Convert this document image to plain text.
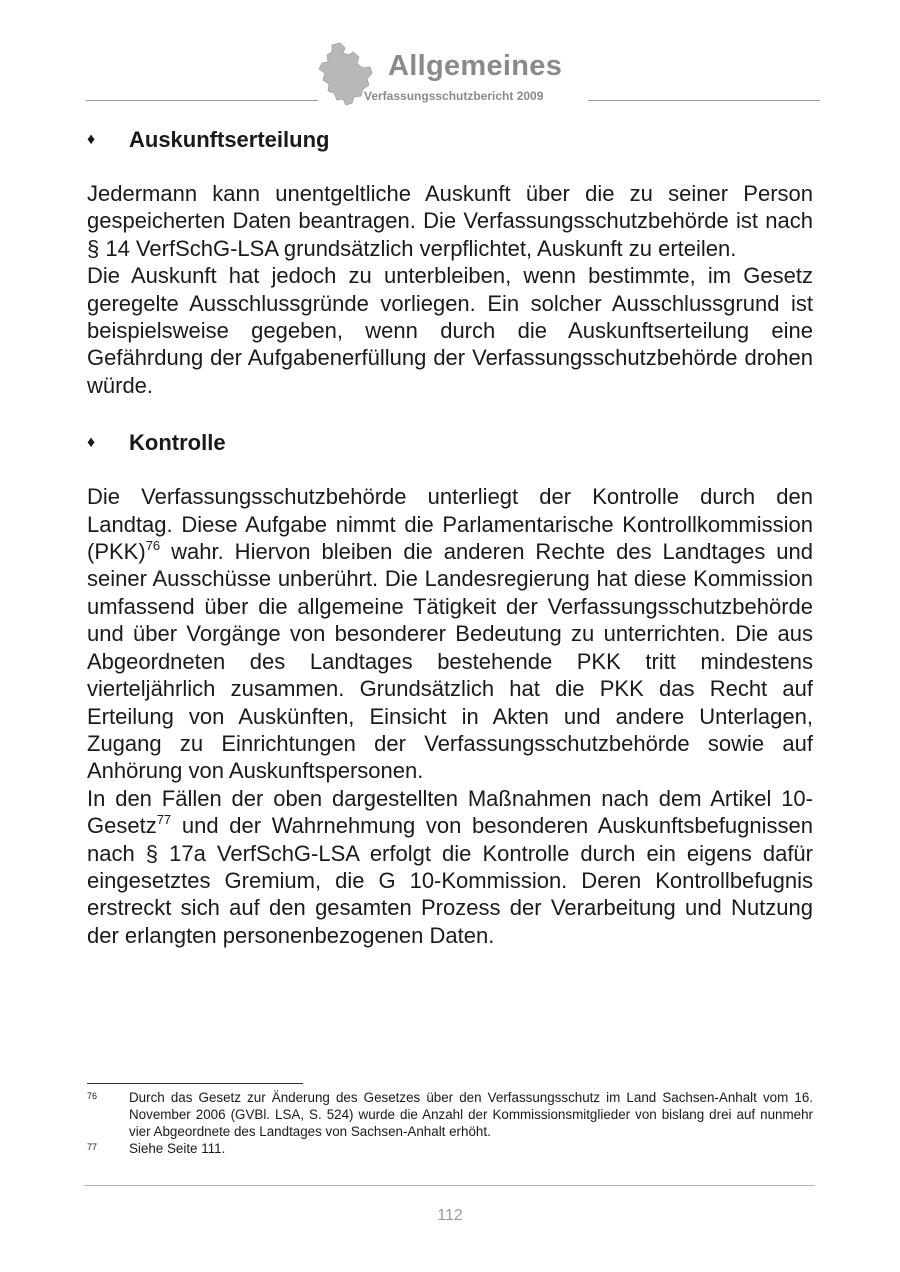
Allgemeines
Verfassungsschutzbericht 2009
♦	Auskunftserteilung

Jedermann kann unentgeltliche Auskunft über die zu seiner Person gespeicherten Daten beantragen. Die Verfassungsschutzbehörde ist nach § 14 VerfSchG-LSA grundsätzlich verpflichtet, Auskunft zu erteilen.

Die Auskunft hat jedoch zu unterbleiben, wenn bestimmte, im Gesetz geregelte Ausschlussgründe vorliegen. Ein solcher Ausschlussgrund ist beispielsweise gegeben, wenn durch die Auskunftserteilung eine Gefährdung der Aufgabenerfüllung der Verfassungsschutzbehörde drohen würde.

♦	Kontrolle

Die Verfassungsschutzbehörde unterliegt der Kontrolle durch den Landtag. Diese Aufgabe nimmt die Parlamentarische Kontrollkommission (PKK)$^{76}$ wahr. Hiervon bleiben die anderen Rechte des Landtages und seiner Ausschüsse unberührt. Die Landesregierung hat diese Kommission umfassend über die allgemeine Tätigkeit der Verfassungsschutzbehörde und über Vorgänge von besonderer Bedeutung zu unterrichten. Die aus Abgeordneten des Landtages bestehende PKK tritt mindestens vierteljährlich zusammen. Grundsätzlich hat die PKK das Recht auf Erteilung von Auskünften, Einsicht in Akten und andere Unterlagen, Zugang zu Einrichtungen der Verfassungsschutzbehörde sowie auf Anhörung von Auskunftspersonen.

In den Fällen der oben dargestellten Maßnahmen nach dem Artikel 10-Gesetz$^{77}$ und der Wahrnehmung von besonderen Auskunftsbefugnissen nach § 17a VerfSchG-LSA erfolgt die Kontrolle durch ein eigens dafür eingesetztes Gremium, die G 10-Kommission. Deren Kontrollbefugnis erstreckt sich auf den gesamten Prozess der Verarbeitung und Nutzung der erlangten personenbezogenen Daten.

76	Durch das Gesetz zur Änderung des Gesetzes über den Verfassungsschutz im Land Sachsen-Anhalt vom 16. November 2006 (GVBl. LSA, S. 524) wurde die Anzahl der Kommissionsmitglieder von bislang drei auf nunmehr vier Abgeordnete des Landtages von Sachsen-Anhalt erhöht.
77	Siehe Seite 111.
112
